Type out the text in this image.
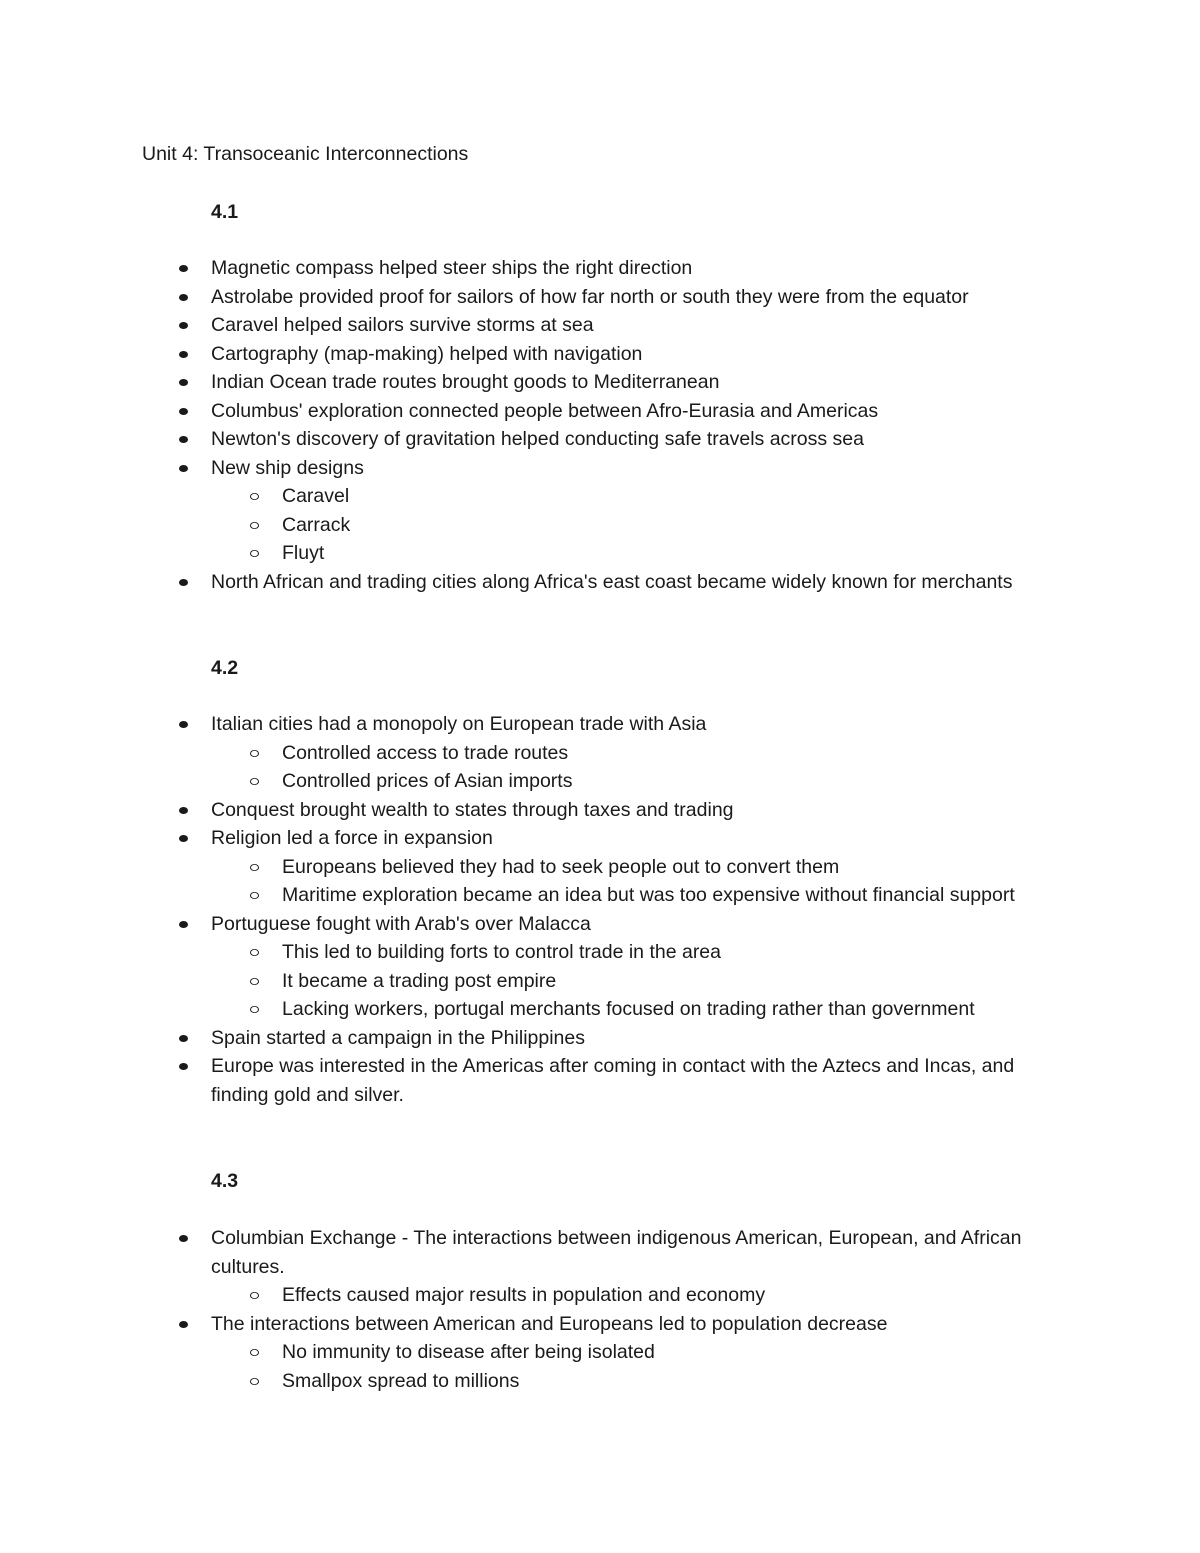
Unit 4: Transoceanic Interconnections
4.1
Magnetic compass helped steer ships the right direction
Astrolabe provided proof for sailors of how far north or south they were from the equator
Caravel helped sailors survive storms at sea
Cartography (map-making) helped with navigation
Indian Ocean trade routes brought goods to Mediterranean
Columbus' exploration connected people between Afro-Eurasia and Americas
Newton's discovery of gravitation helped conducting safe travels across sea
New ship designs
Caravel
Carrack
Fluyt
North African and trading cities along Africa's east coast became widely known for merchants
4.2
Italian cities had a monopoly on European trade with Asia
Controlled access to trade routes
Controlled prices of Asian imports
Conquest brought wealth to states through taxes and trading
Religion led a force in expansion
Europeans believed they had to seek people out to convert them
Maritime exploration became an idea but was too expensive without financial support
Portuguese fought with Arab's over Malacca
This led to building forts to control trade in the area
It became a trading post empire
Lacking workers, portugal merchants focused on trading rather than government
Spain started a campaign in the Philippines
Europe was interested in the Americas after coming in contact with the Aztecs and Incas, and finding gold and silver.
4.3
Columbian Exchange - The interactions between indigenous American, European, and African cultures.
Effects caused major results in population and economy
The interactions between American and Europeans led to population decrease
No immunity to disease after being isolated
Smallpox spread to millions
